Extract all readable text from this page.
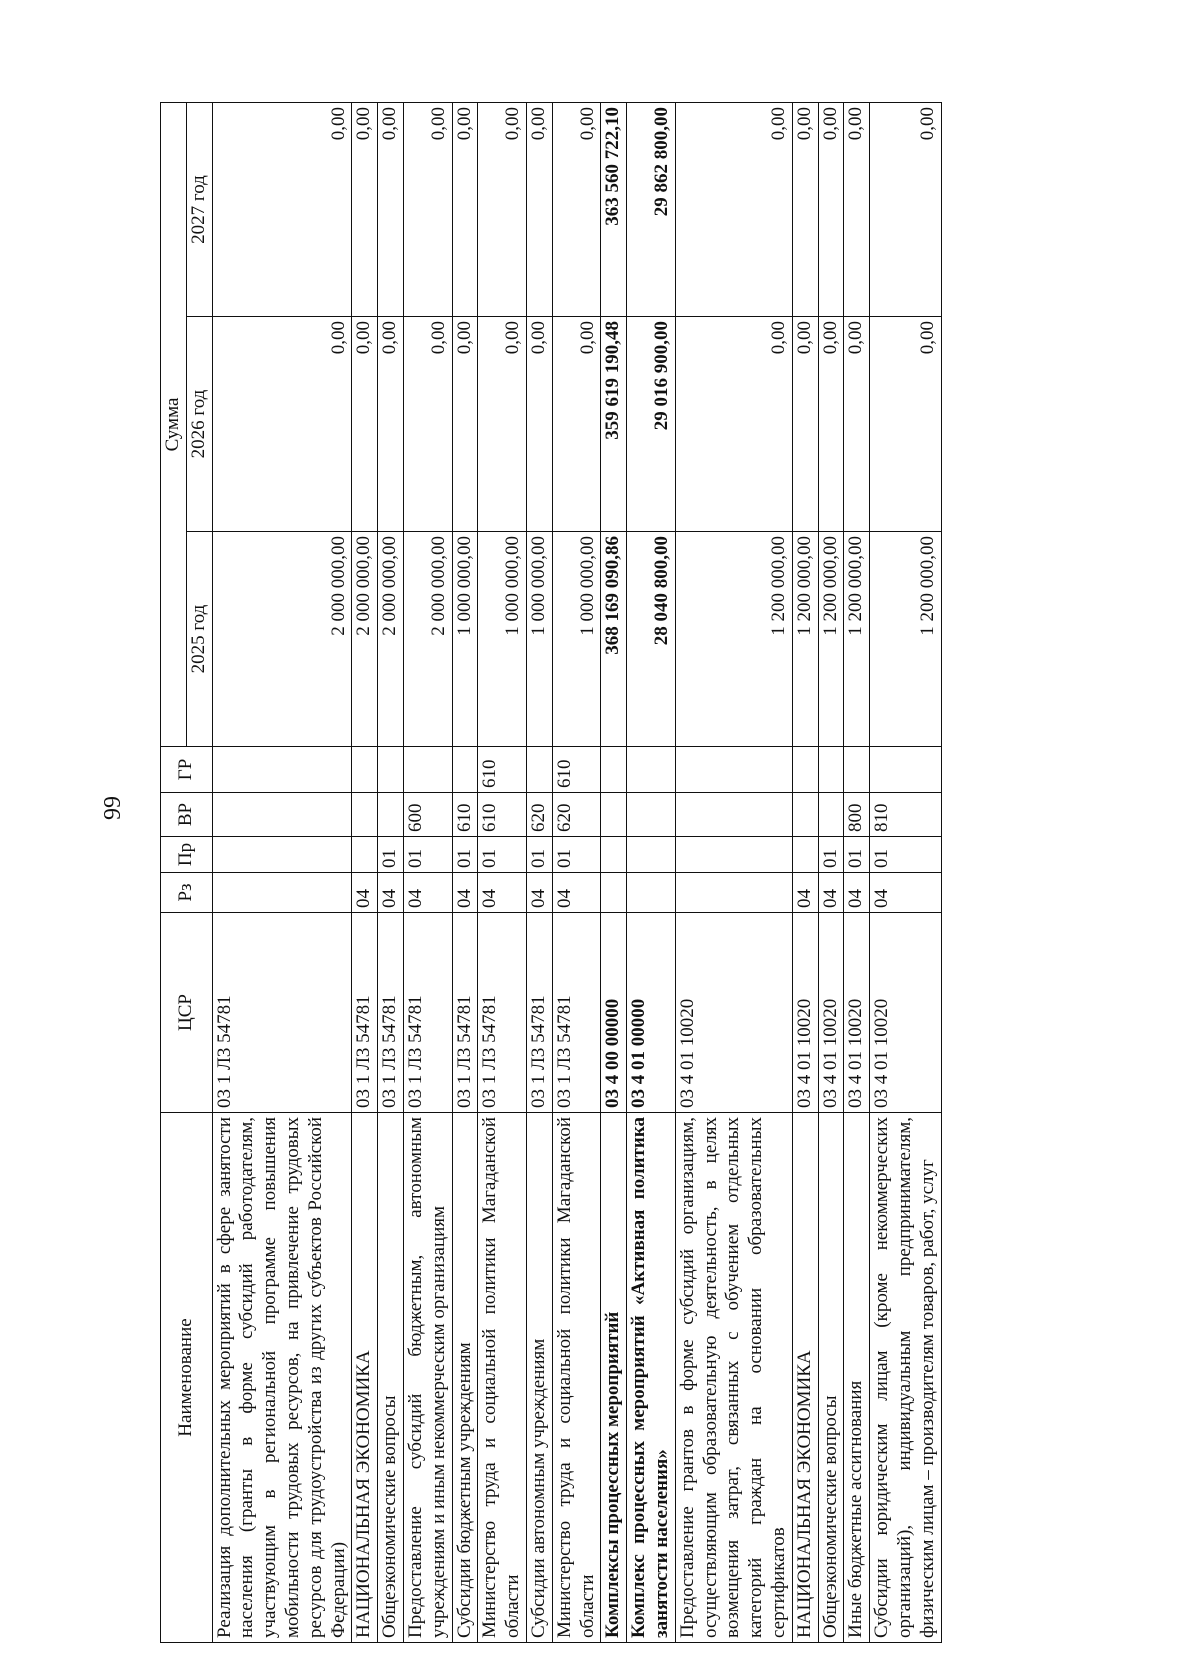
99
Наименование	ЦСР	Рз	Пр	ВР	ГР	Сумма		
						2025 год	2026 год	2027 год
Реализация дополнительных мероприятий в сфере занятости населения (гранты в форме субсидий работодателям, участвующим в региональной программе повышения мобильности трудовых ресурсов, на привлечение трудовых ресурсов для трудоустройства из других субъектов Российской Федерации)	03 1 Л3 54781					2 000 000,00	0,00	0,00
НАЦИОНАЛЬНАЯ ЭКОНОМИКА	03 1 Л3 54781	04				2 000 000,00	0,00	0,00
Общеэкономические вопросы	03 1 Л3 54781	04	01			2 000 000,00	0,00	0,00
Предоставление субсидий бюджетным, автономным учреждениям и иным некоммерческим организациям	03 1 Л3 54781	04	01	600		2 000 000,00	0,00	0,00
Субсидии бюджетным учреждениям	03 1 Л3 54781	04	01	610		1 000 000,00	0,00	0,00
Министерство труда и социальной политики Магаданской области	03 1 Л3 54781	04	01	610	610	1 000 000,00	0,00	0,00
Субсидии автономным учреждениям	03 1 Л3 54781	04	01	620		1 000 000,00	0,00	0,00
Министерство труда и социальной политики Магаданской области	03 1 Л3 54781	04	01	620	610	1 000 000,00	0,00	0,00
Комплексы процессных мероприятий	03 4 00 00000					368 169 090,86	359 619 190,48	363 560 722,10
Комплекс процессных мероприятий «Активная политика занятости населения»	03 4 01 00000					28 040 800,00	29 016 900,00	29 862 800,00
Предоставление грантов в форме субсидий организациям, осуществляющим образовательную деятельность, в целях возмещения затрат, связанных с обучением отдельных категорий граждан на основании образовательных сертификатов	03 4 01 10020					1 200 000,00	0,00	0,00
НАЦИОНАЛЬНАЯ ЭКОНОМИКА	03 4 01 10020	04				1 200 000,00	0,00	0,00
Общеэкономические вопросы	03 4 01 10020	04	01			1 200 000,00	0,00	0,00
Иные бюджетные ассигнования	03 4 01 10020	04	01	800		1 200 000,00	0,00	0,00
Субсидии юридическим лицам (кроме некоммерческих организаций), индивидуальным предпринимателям, физическим лицам – производителям товаров, работ, услуг	03 4 01 10020	04	01	810		1 200 000,00	0,00	0,00
